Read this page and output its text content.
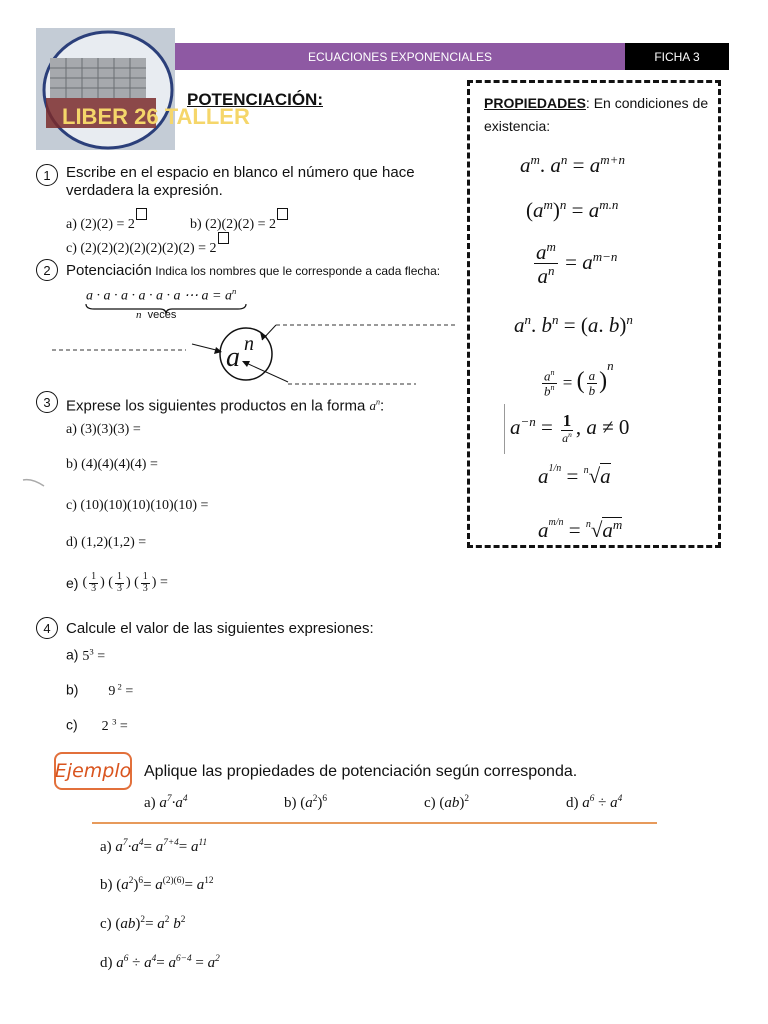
LIBER 26 TALLER
ECUACIONES EXPONENCIALES	FICHA 3
POTENCIACIÓN:	PROPIEDADES: En condiciones de existencia:
$a^m$. $a^n = a^{m+n}$
$(a^m)^n = a^{m.n}$
$\frac{a^m}{a^n} = a^{m-n}$
$a^n$. $b^n = (a$. b)$^n$
$\frac{a^n}{b^n}$ = ( $\frac{a}{b} )^n$
$a^{-n} = \frac{1}{a^n}$ , a ≠ 0
$a^{1/n} = ^n√a$
$a^{m/n} = ^n√a^m$
1	Escribe en el espacio en blanco el número que hace verdadera la expresión.
a) (2)(2) = 2	b) (2)(2)(2) = 2
c) (2)(2)(2)(2)(2)(2)(2) = 2
2	Potenciación Indica los nombres que le corresponde a cada flecha:
a · a · a · a · a · a ⋯ $a = a^n$
n veces
a n
3	Exprese los siguientes productos en la forma $a^n$:
a) (3)(3)(3) =
b) (4)(4)(4)(4) =
c) (10)(10)(10)(10)(10) =
d) (1,2)(1,2) =
e) ( $\frac{1}{3}$ ) ( $\frac{1}{3}$ ) ( $\frac{1}{3}$ ) =
4	Calcule el valor de las siguientes expresiones:
a) $5^3$ =
b) 9 $^2$ =
c) 2 $^3$ =
Ejemplo Aplique las propiedades de potenciación según corresponda.
a) $a^7\cdot a^4$	b) $(a^2)^6$	c) (ab)$^2$	d) $a^6 \div a^4$
a) $a^7\cdot a^4= a^{7+4}= a^{11}$
b) $(a^2)^6= a^{(2)(6)}= a^{12}$
c) $(ab)^2= a^2$ $b^2$
d) $a^6 \div a^4= a^{6-4} = a^2$
